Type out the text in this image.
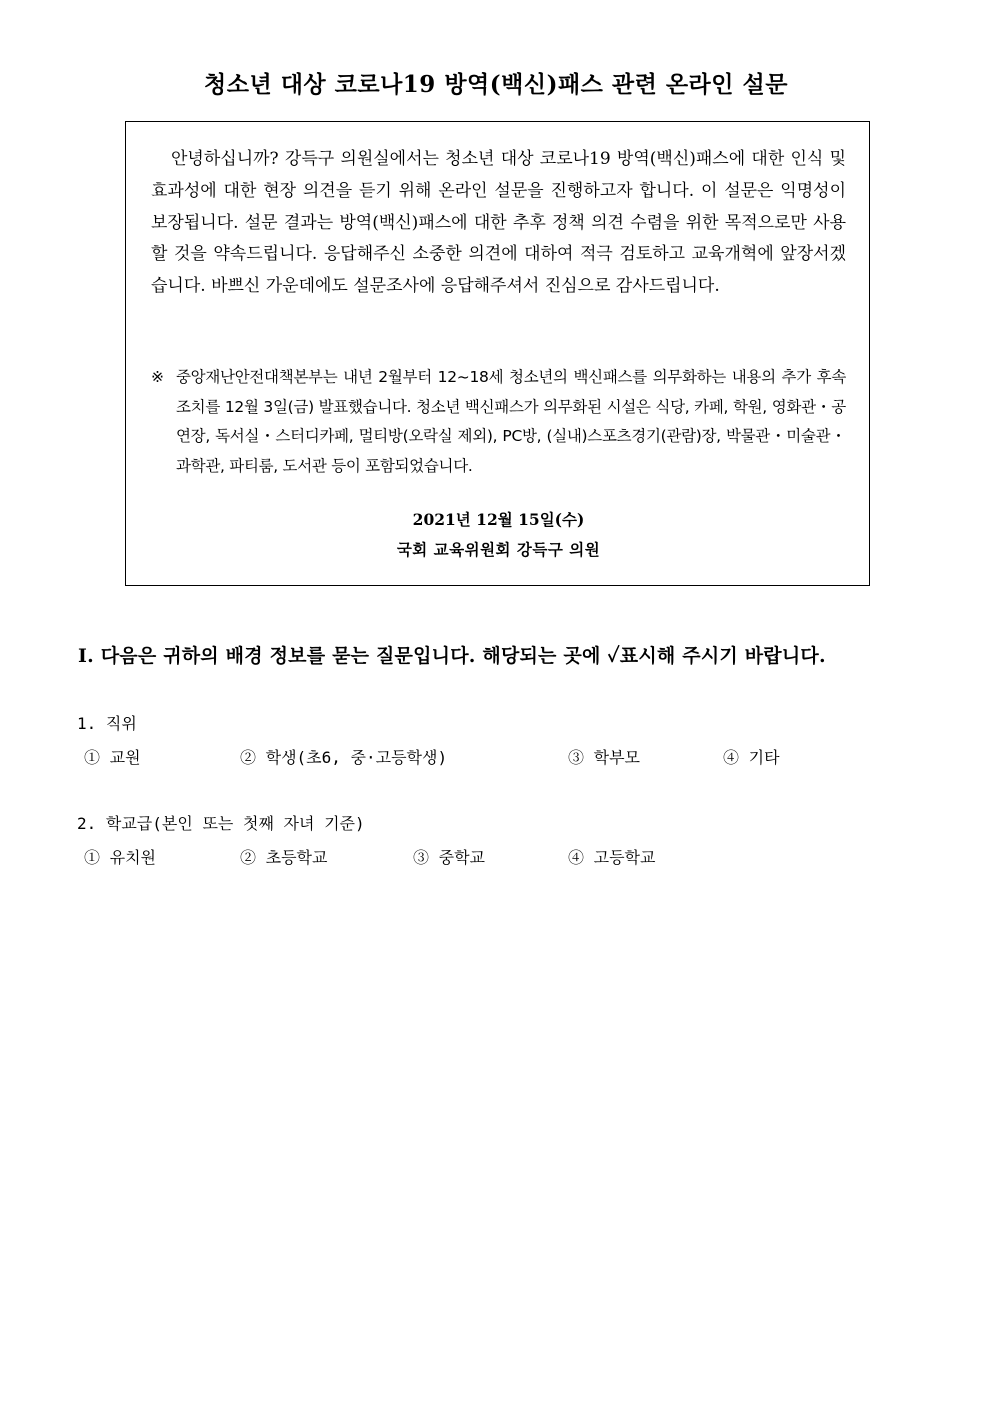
청소년 대상 코로나19 방역(백신)패스 관련 온라인 설문

안녕하십니까? 강득구 의원실에서는 청소년 대상 코로나19 방역(백신)패스에 대한 인식 및 효과성에 대한 현장 의견을 듣기 위해 온라인 설문을 진행하고자 합니다. 이 설문은 익명성이 보장됩니다. 설문 결과는 방역(백신)패스에 대한 추후 정책 의견 수렴을 위한 목적으로만 사용할 것을 약속드립니다. 응답해주신 소중한 의견에 대하여 적극 검토하고 교육개혁에 앞장서겠습니다. 바쁘신 가운데에도 설문조사에 응답해주셔서 진심으로 감사드립니다.

※ 중앙재난안전대책본부는 내년 2월부터 12~18세 청소년의 백신패스를 의무화하는 내용의 추가 후속 조치를 12월 3일(금) 발표했습니다. 청소년 백신패스가 의무화된 시설은 식당, 카페, 학원, 영화관・공연장, 독서실・스터디카페, 멀티방(오락실 제외), PC방, (실내)스포츠경기(관람)장, 박물관・미술관・과학관, 파티룸, 도서관 등이 포함되었습니다.
2021년 12월 15일(수)
국회 교육위원회 강득구 의원
Ⅰ. 다음은 귀하의 배경 정보를 묻는 질문입니다. 해당되는 곳에 ✓표시해 주시기 바랍니다.
1. 직위
① 교원	② 학생(초6, 중·고등학생)	③ 학부모	④ 기타
2. 학교급(본인 또는 첫째 자녀 기준)
① 유치원	② 초등학교	③ 중학교	④ 고등학교
